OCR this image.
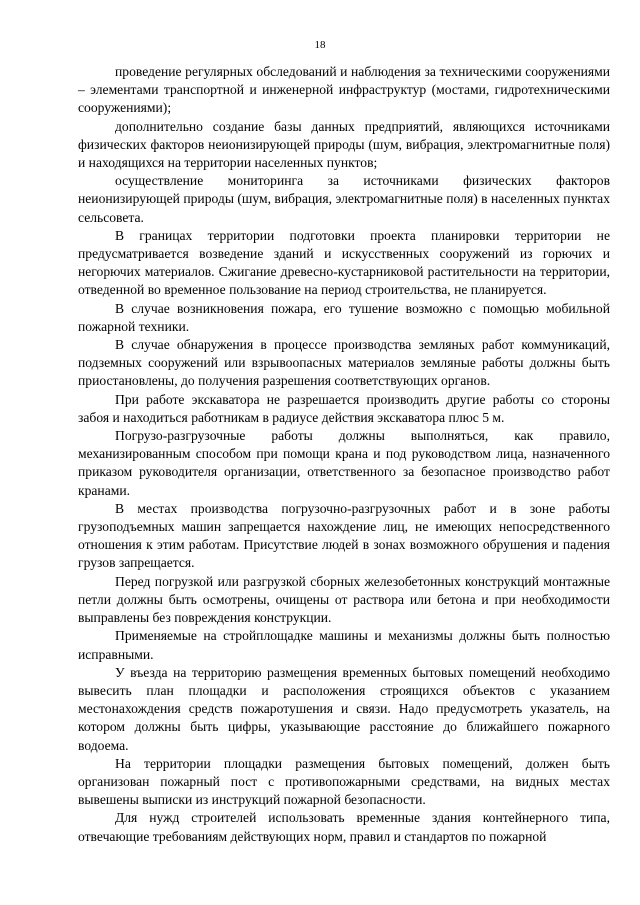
18

проведение регулярных обследований и наблюдения за техническими сооружениями – элементами транспортной и инженерной инфраструктур (мостами, гидротехническими сооружениями);

дополнительно создание базы данных предприятий, являющихся источниками физических факторов неионизирующей природы (шум, вибрация, электромагнитные поля) и находящихся на территории населенных пунктов;

осуществление мониторинга за источниками физических факторов неионизирующей природы (шум, вибрация, электромагнитные поля) в населенных пунктах сельсовета.

В границах территории подготовки проекта планировки территории не предусматривается возведение зданий и искусственных сооружений из горючих и негорючих материалов. Сжигание древесно-кустарниковой растительности на территории, отведенной во временное пользование на период строительства, не планируется.

В случае возникновения пожара, его тушение возможно с помощью мобильной пожарной техники.

В случае обнаружения в процессе производства земляных работ коммуникаций, подземных сооружений или взрывоопасных материалов земляные работы должны быть приостановлены, до получения разрешения соответствующих органов.

При работе экскаватора не разрешается производить другие работы со стороны забоя и находиться работникам в радиусе действия экскаватора плюс 5 м.

Погрузо-разгрузочные работы должны выполняться, как правило, механизированным способом при помощи крана и под руководством лица, назначенного приказом руководителя организации, ответственного за безопасное производство работ кранами.

В местах производства погрузочно-разгрузочных работ и в зоне работы грузоподъемных машин запрещается нахождение лиц, не имеющих непосредственного отношения к этим работам. Присутствие людей в зонах возможного обрушения и падения грузов запрещается.

Перед погрузкой или разгрузкой сборных железобетонных конструкций монтажные петли должны быть осмотрены, очищены от раствора или бетона и при необходимости выправлены без повреждения конструкции.

Применяемые на стройплощадке машины и механизмы должны быть полностью исправными.

У въезда на территорию размещения временных бытовых помещений необходимо вывесить план площадки и расположения строящихся объектов с указанием местонахождения средств пожаротушения и связи. Надо предусмотреть указатель, на котором должны быть цифры, указывающие расстояние до ближайшего пожарного водоема.

На территории площадки размещения бытовых помещений, должен быть организован пожарный пост с противопожарными средствами, на видных местах вывешены выписки из инструкций пожарной безопасности.

Для нужд строителей использовать временные здания контейнерного типа, отвечающие требованиям действующих норм, правил и стандартов по пожарной
